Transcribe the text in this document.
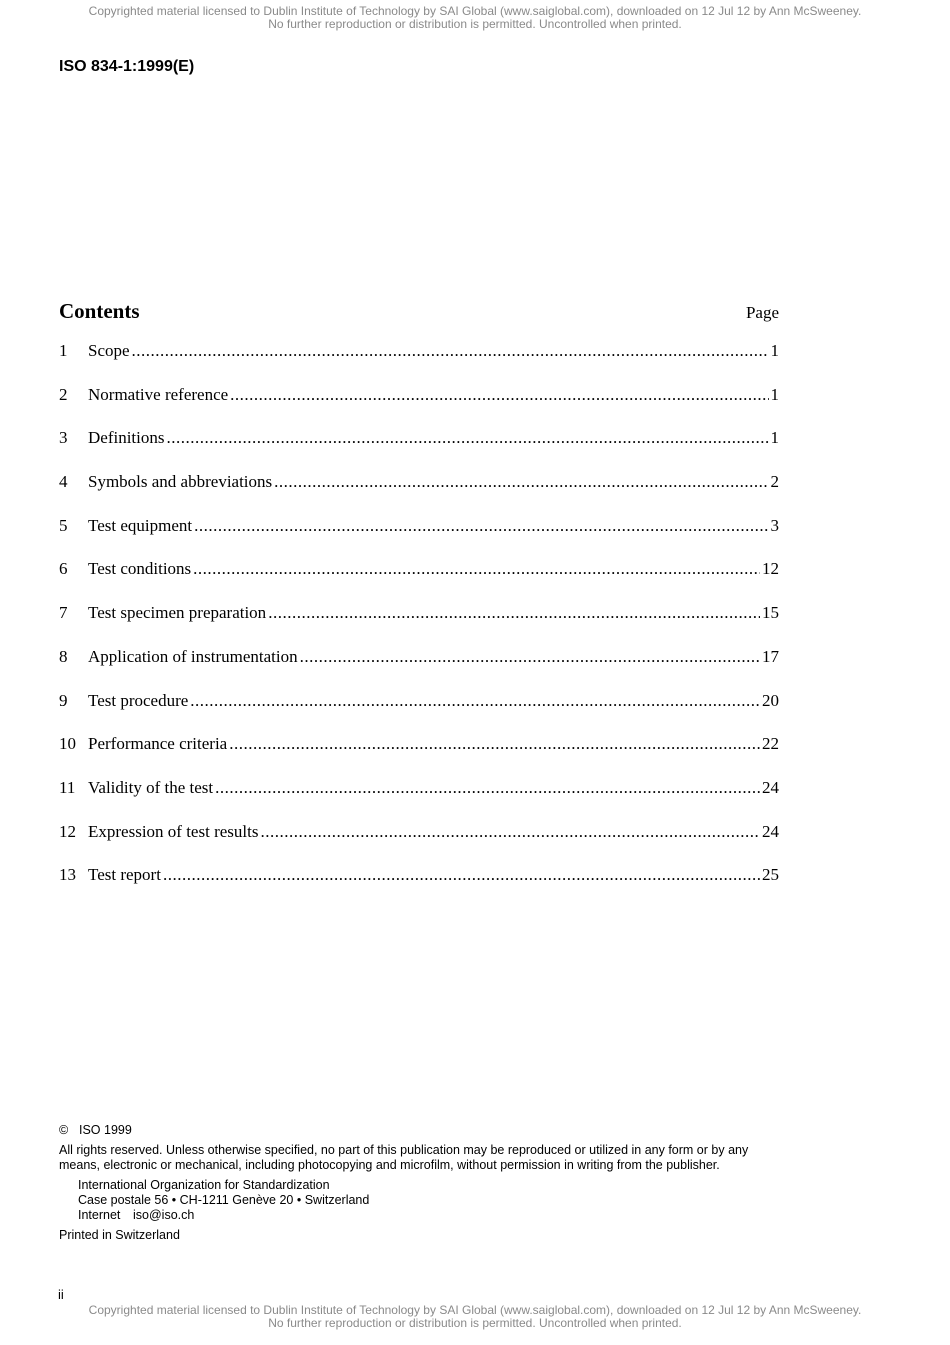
Copyrighted material licensed to Dublin Institute of Technology by SAI Global (www.saiglobal.com), downloaded on 12 Jul 12 by Ann McSweeney.
No further reproduction or distribution is permitted. Uncontrolled when printed.
ISO 834-1:1999(E)
Contents	Page
1	Scope .....	1
2	Normative reference .....	1
3	Definitions .....	1
4	Symbols and abbreviations .....	2
5	Test equipment .....	3
6	Test conditions .....	12
7	Test specimen preparation .....	15
8	Application of instrumentation .....	17
9	Test procedure .....	20
10 Performance criteria .....	22
11 Validity of the test .....	24
12 Expression of test results .....	24
13 Test report .....	25
© ISO 1999
All rights reserved. Unless otherwise specified, no part of this publication may be reproduced or utilized in any form or by any means, electronic or mechanical, including photocopying and microfilm, without permission in writing from the publisher.
International Organization for Standardization
Case postale 56 • CH-1211 Genève 20 • Switzerland
Internet iso@iso.ch
Printed in Switzerland
ii
Copyrighted material licensed to Dublin Institute of Technology by SAI Global (www.saiglobal.com), downloaded on 12 Jul 12 by Ann McSweeney.
No further reproduction or distribution is permitted. Uncontrolled when printed.
